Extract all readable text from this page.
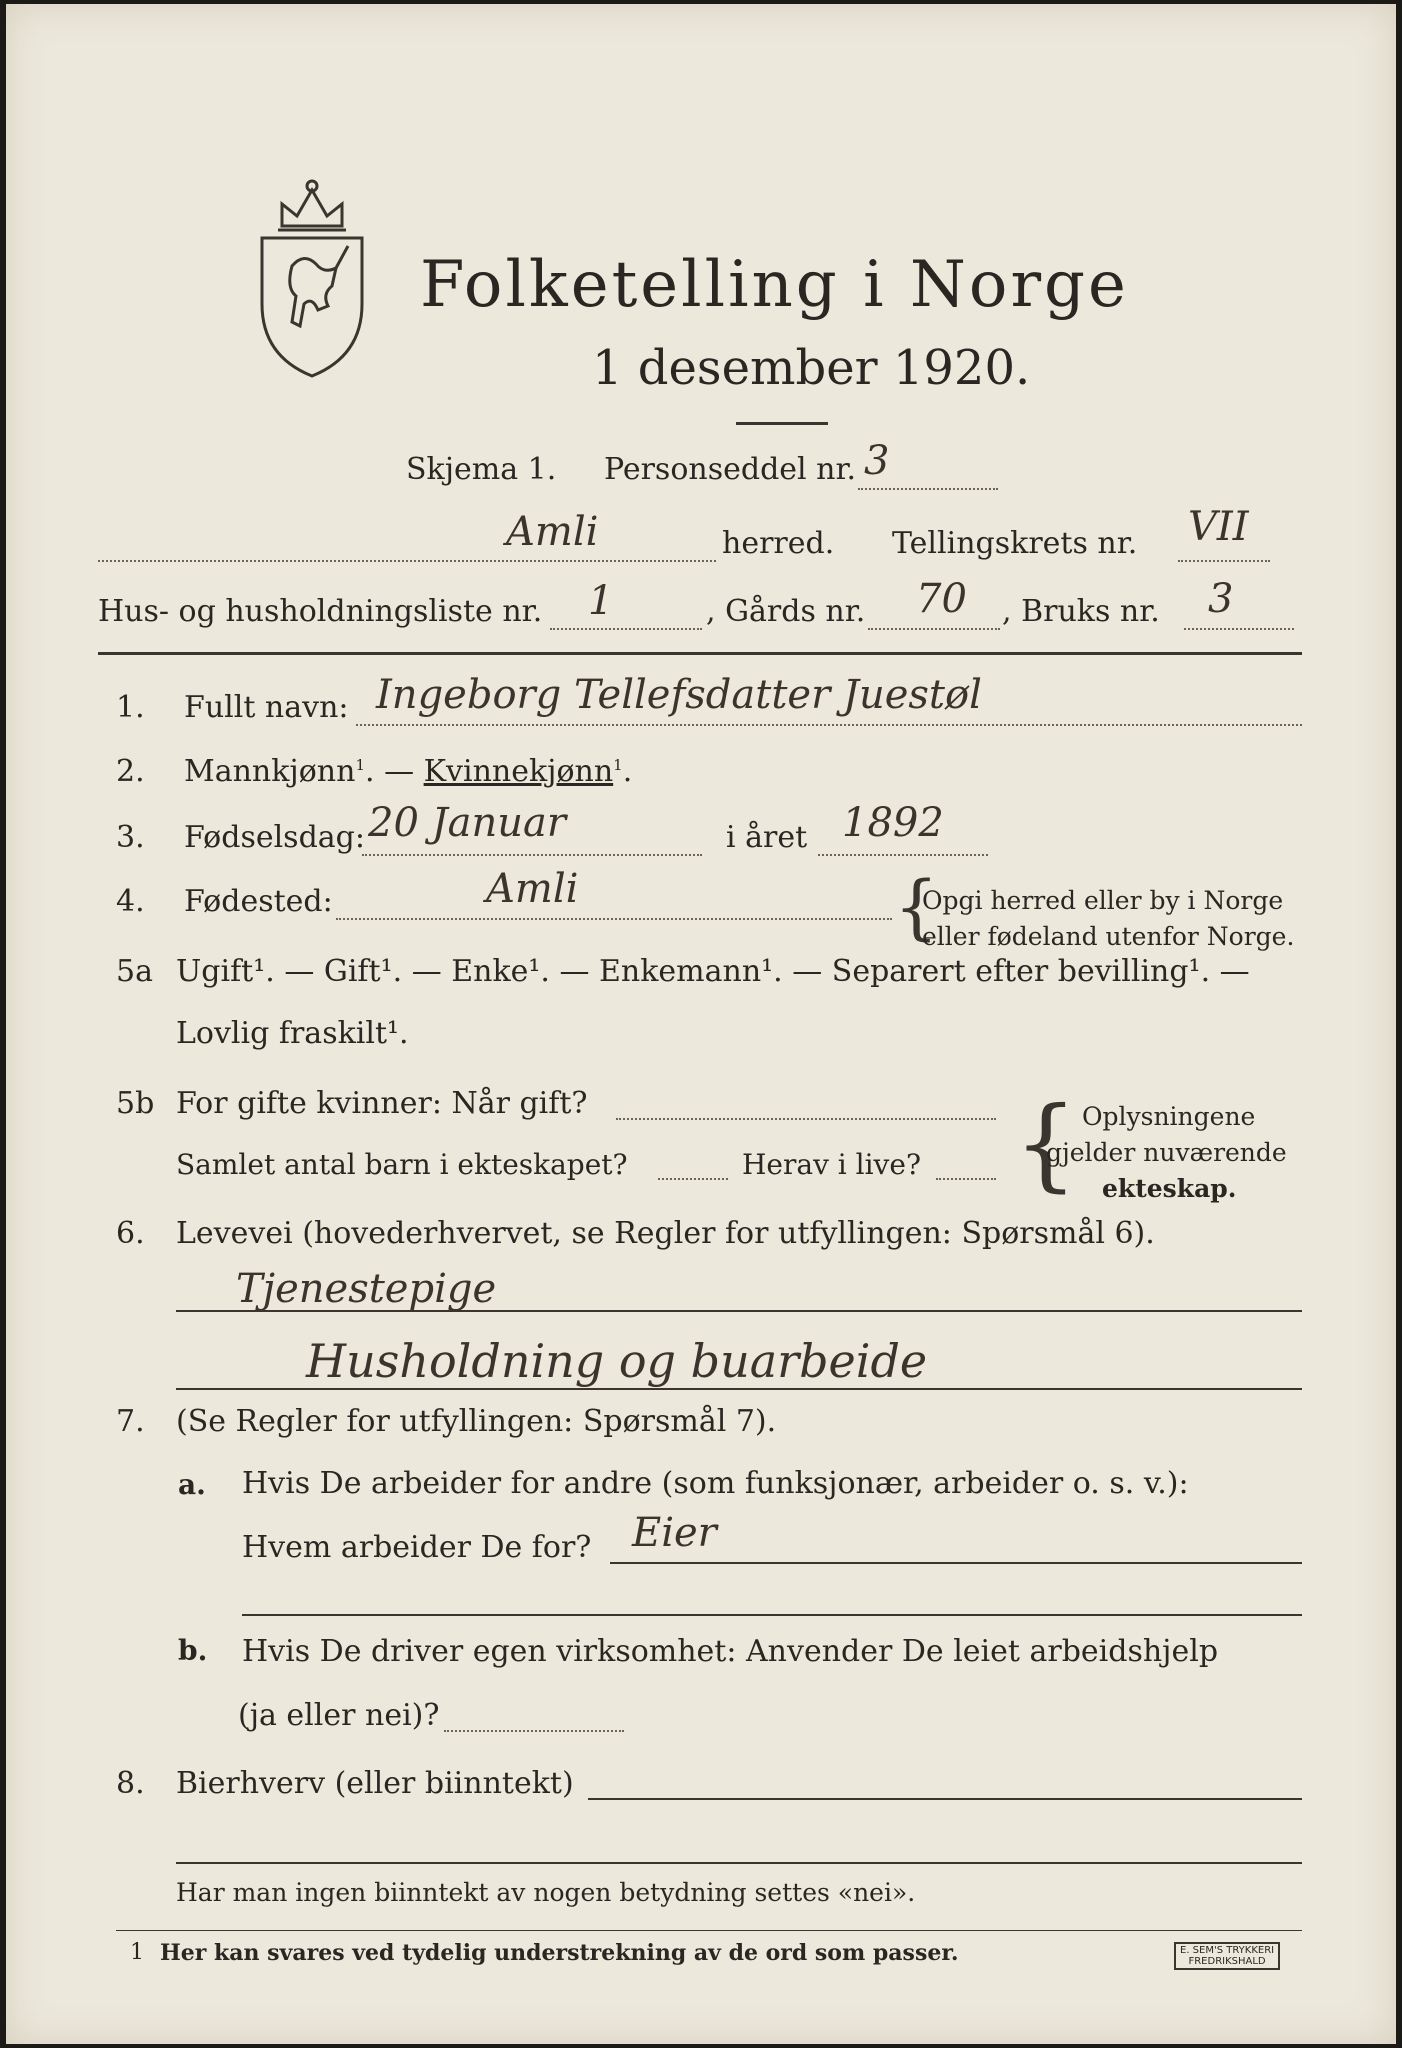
Folketelling i Norge
1 desember 1920.
Skjema 1. Personseddel nr. 3
Amli	herred. Tellingskrets nr. VII
Hus- og husholdningsliste nr. 1	, Gårds nr. 70 , Bruks nr. 3
1. Fullt navn: Ingeborg Tellefsdatter Juestøl
2. Mannkjønn$^1$. — Kvinnekjønn$^1$.
3. Fødselsdag: 20 Januar	i året 1892
4. Fødested:	Amli	{
Opgi herred eller by i Norge
eller fødeland utenfor Norge.
5a Ugift¹. — Gift¹. — Enke¹. — Enkemann¹. — Separert efter bevilling¹. —
Lovlig fraskilt¹.
5b For gifte kvinner: Når gift?
Samlet antal barn i ekteskapet?	Herav i live? { Oplysningene
gjelder nuværende
ekteskap.
6. Levevei (hovederhvervet, se Regler for utfyllingen: Spørsmål 6).
Tjenestepige
Husholdning og buarbeide
7. (Se Regler for utfyllingen: Spørsmål 7).
a. Hvis De arbeider for andre (som funksjonær, arbeider o. s. v.):
Hvem arbeider De for? Eier
b. Hvis De driver egen virksomhet: Anvender De leiet arbeidshjelp
(ja eller nei)?
8. Bierhverv (eller biinntekt)
Har man ingen biinntekt av nogen betydning settes «nei».
1 Her kan svares ved tydelig understrekning av de ord som passer.	E. SEM'S TRYKKERI
FREDRIKSHALD
